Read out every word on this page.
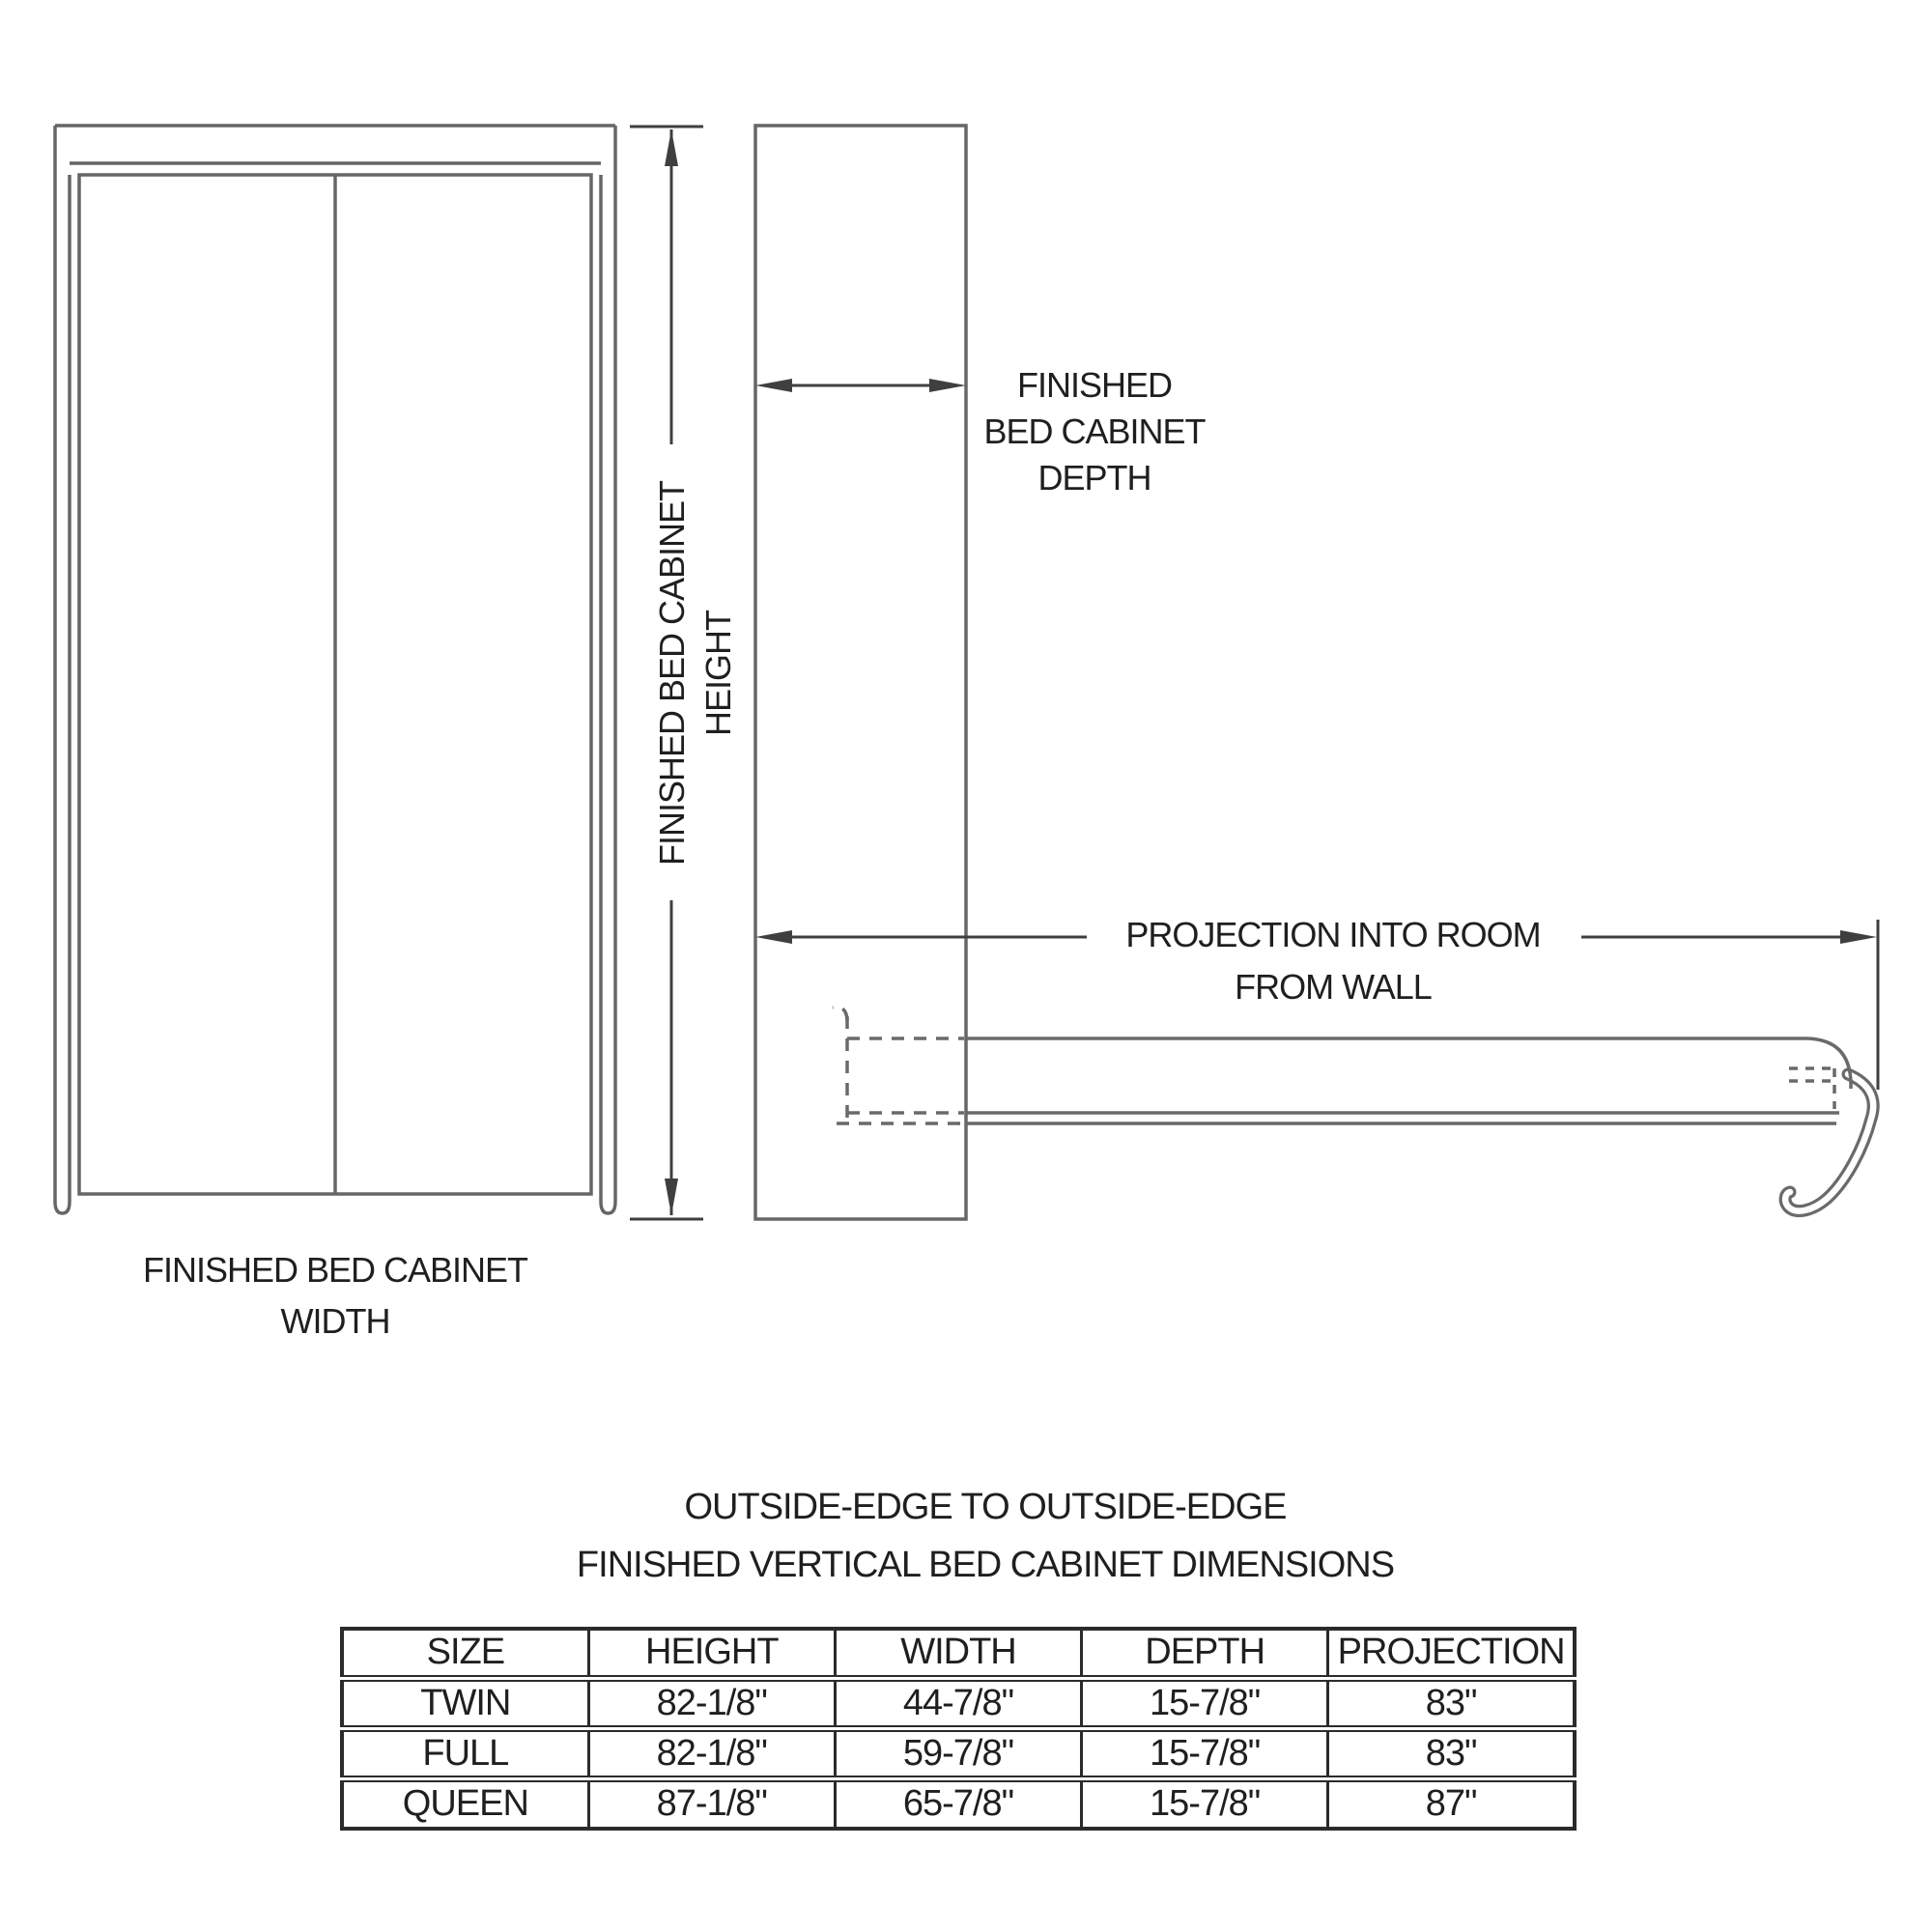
FINISHED BED CABINET HEIGHT
FINISHED
BED CABINET
DEPTH
PROJECTION INTO ROOM
FROM WALL
FINISHED BED CABINET
WIDTH
OUTSIDE-EDGE TO OUTSIDE-EDGE
FINISHED VERTICAL BED CABINET DIMENSIONS
SIZE	HEIGHT	WIDTH	DEPTH	PROJECTION
TWIN	82-1/8"	44-7/8"	15-7/8"	83"
FULL	82-1/8"	59-7/8"	15-7/8"	83"
QUEEN	87-1/8"	65-7/8"	15-7/8"	87"
